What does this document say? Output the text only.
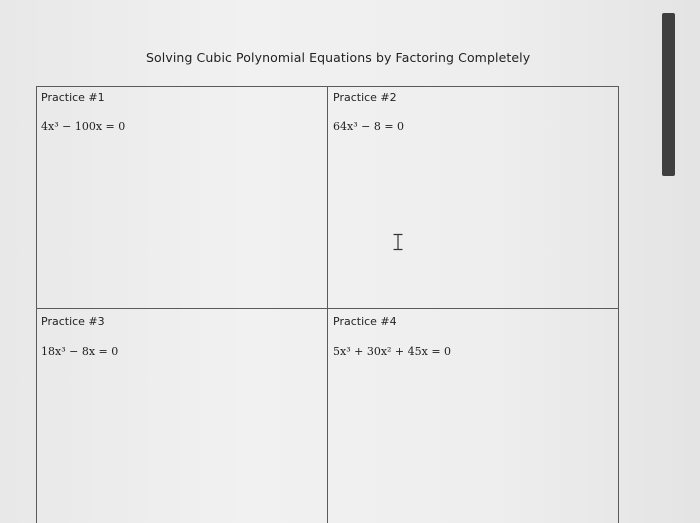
Solving Cubic Polynomial Equations by Factoring Completely
Practice #1
4x³ − 100x = 0
Practice #2
64x³ − 8 = 0
Practice #3
18x³ − 8x = 0
Practice #4
5x³ + 30x² + 45x = 0
